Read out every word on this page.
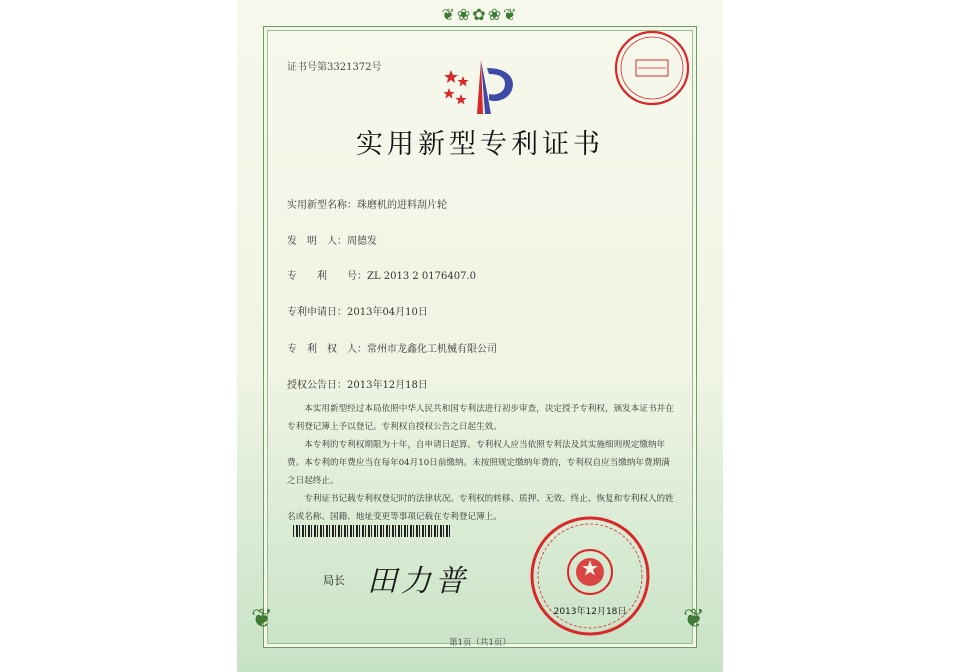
❦❀✿❀❦
❦	❦
证书号第3321372号
实用新型专利证书
实用新型名称：珠磨机的进料刮片轮
发　明　人：周德发
专　　利　　号：ZL 2013 2 0176407.0
专利申请日：2013年04月10日
专　利　权　人：常州市龙鑫化工机械有限公司
授权公告日：2013年12月18日

本实用新型经过本局依照中华人民共和国专利法进行初步审查，决定授予专利权，颁发本证书并在专利登记簿上予以登记。专利权自授权公告之日起生效。

本专利的专利权期限为十年，自申请日起算。专利权人应当依照专利法及其实施细则规定缴纳年费。本专利的年费应当在每年04月10日前缴纳。未按照规定缴纳年费的，专利权自应当缴纳年费期满之日起终止。

专利证书记载专利权登记时的法律状况。专利权的转移、质押、无效、终止、恢复和专利权人的姓名或名称、国籍、地址变更等事项记载在专利登记簿上。

局长 田力普
2013年12月18日
第1页（共1页）
